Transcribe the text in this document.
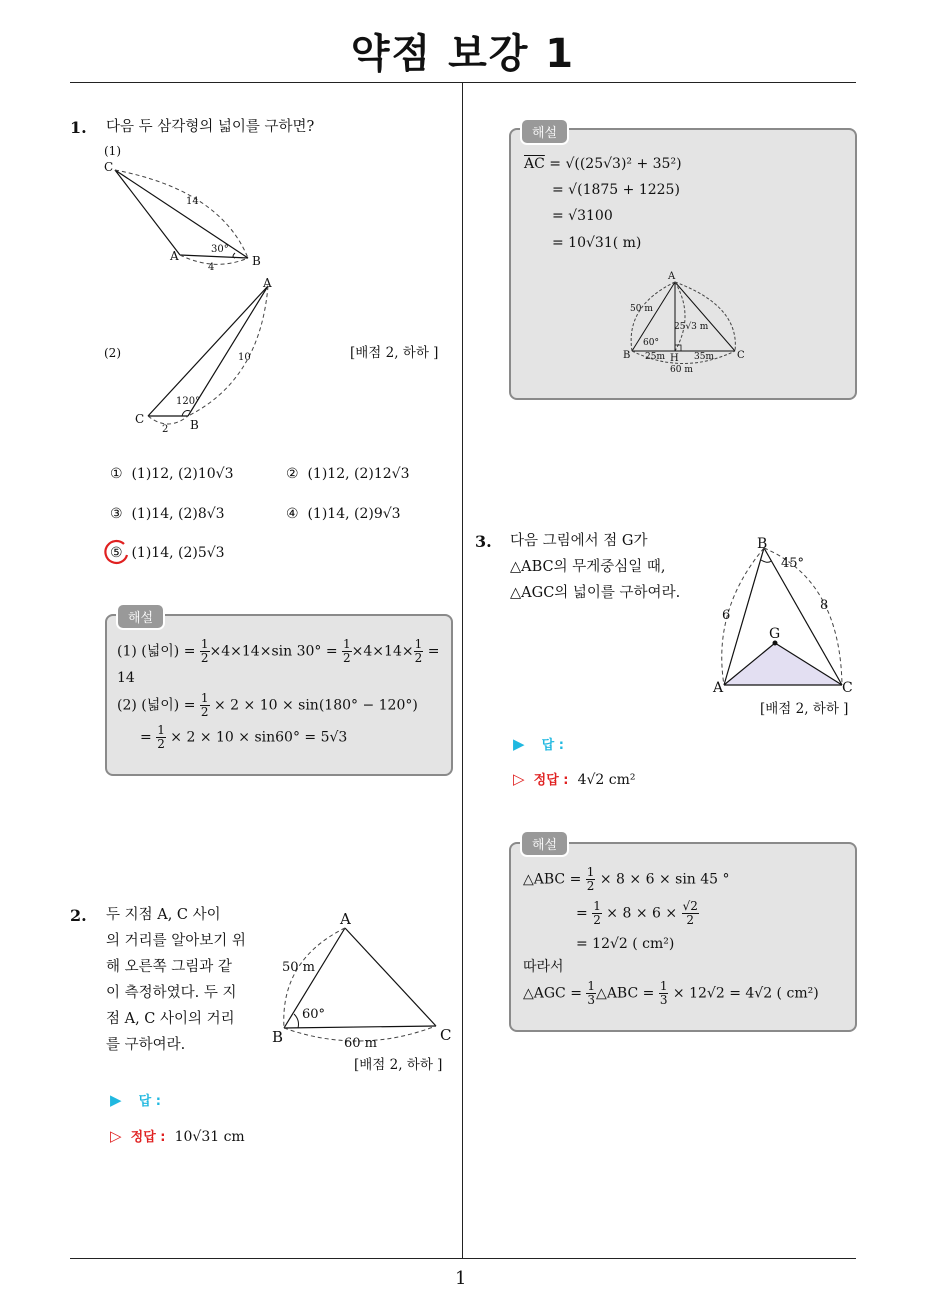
약점 보강 1
1
1. 다음 두 삼각형의 넓이를 구하면?
(1)
C
A	B
14
30°
4
(2)
A
C	B
10
120°
2
[배점 2, 하하 ]
① (1)12, (2)10√3	② (1)12, (2)12√3
③ (1)14, (2)8√3	④ (1)14, (2)9√3
⑤ (1)14, (2)5√3
해설
(1) (넓이) = $\frac{1}{2} \times 4\times 14\times\sin$ $30^\circ = \frac{1}{2} \times 4\times 14\times \frac{1}{2}$ =
14
(2) (넓이) = $\frac{1}{2} \times 2 \times 10 \times \sin(180^\circ - 120^\circ)$
= $\frac{1}{2} \times 2 \times 10 \times \sin 60^\circ = 5√3$
2. 두 지점 A, C 사이
의 거리를 알아보기 위
해 오른쪽 그림과 같
이 측정하였다. 두 지
점 A, C 사이의 거리
를 구하여라.
A
B	C
50 m
60°
60 m
[배점 2, 하하 ]
▶ 답 :
▷ 정답 : 10√31 cm
해설
$\overline{AC} = √((25√3)^2 + 35^2)$
= √(1875 + 1225)
= √3100
= 10√31( m)
A
B	H	C
50 m
25√3 m
60°
25m	35m
60 m
3. 다음 그림에서 점 G가
△ABC의 무게중심일 때,
△AGC의 넓이를 구하여라.
B
A	C
G
45°
6
8
[배점 2, 하하 ]
▶ 답 :
▷ 정답 : 4√2 cm²
해설
△ABC = $\frac{1}{2} \times 8 \times 6 \times \sin 45$ °
= $\frac{1}{2} \times 8 \times 6 \times \frac{√2}{2}$
= 12√2 ( cm²)
따라서
△AGC = $\frac{1}{3}$ △ABC = $\frac{1}{3} \times 12√2 = 4√2$ ( cm²)
